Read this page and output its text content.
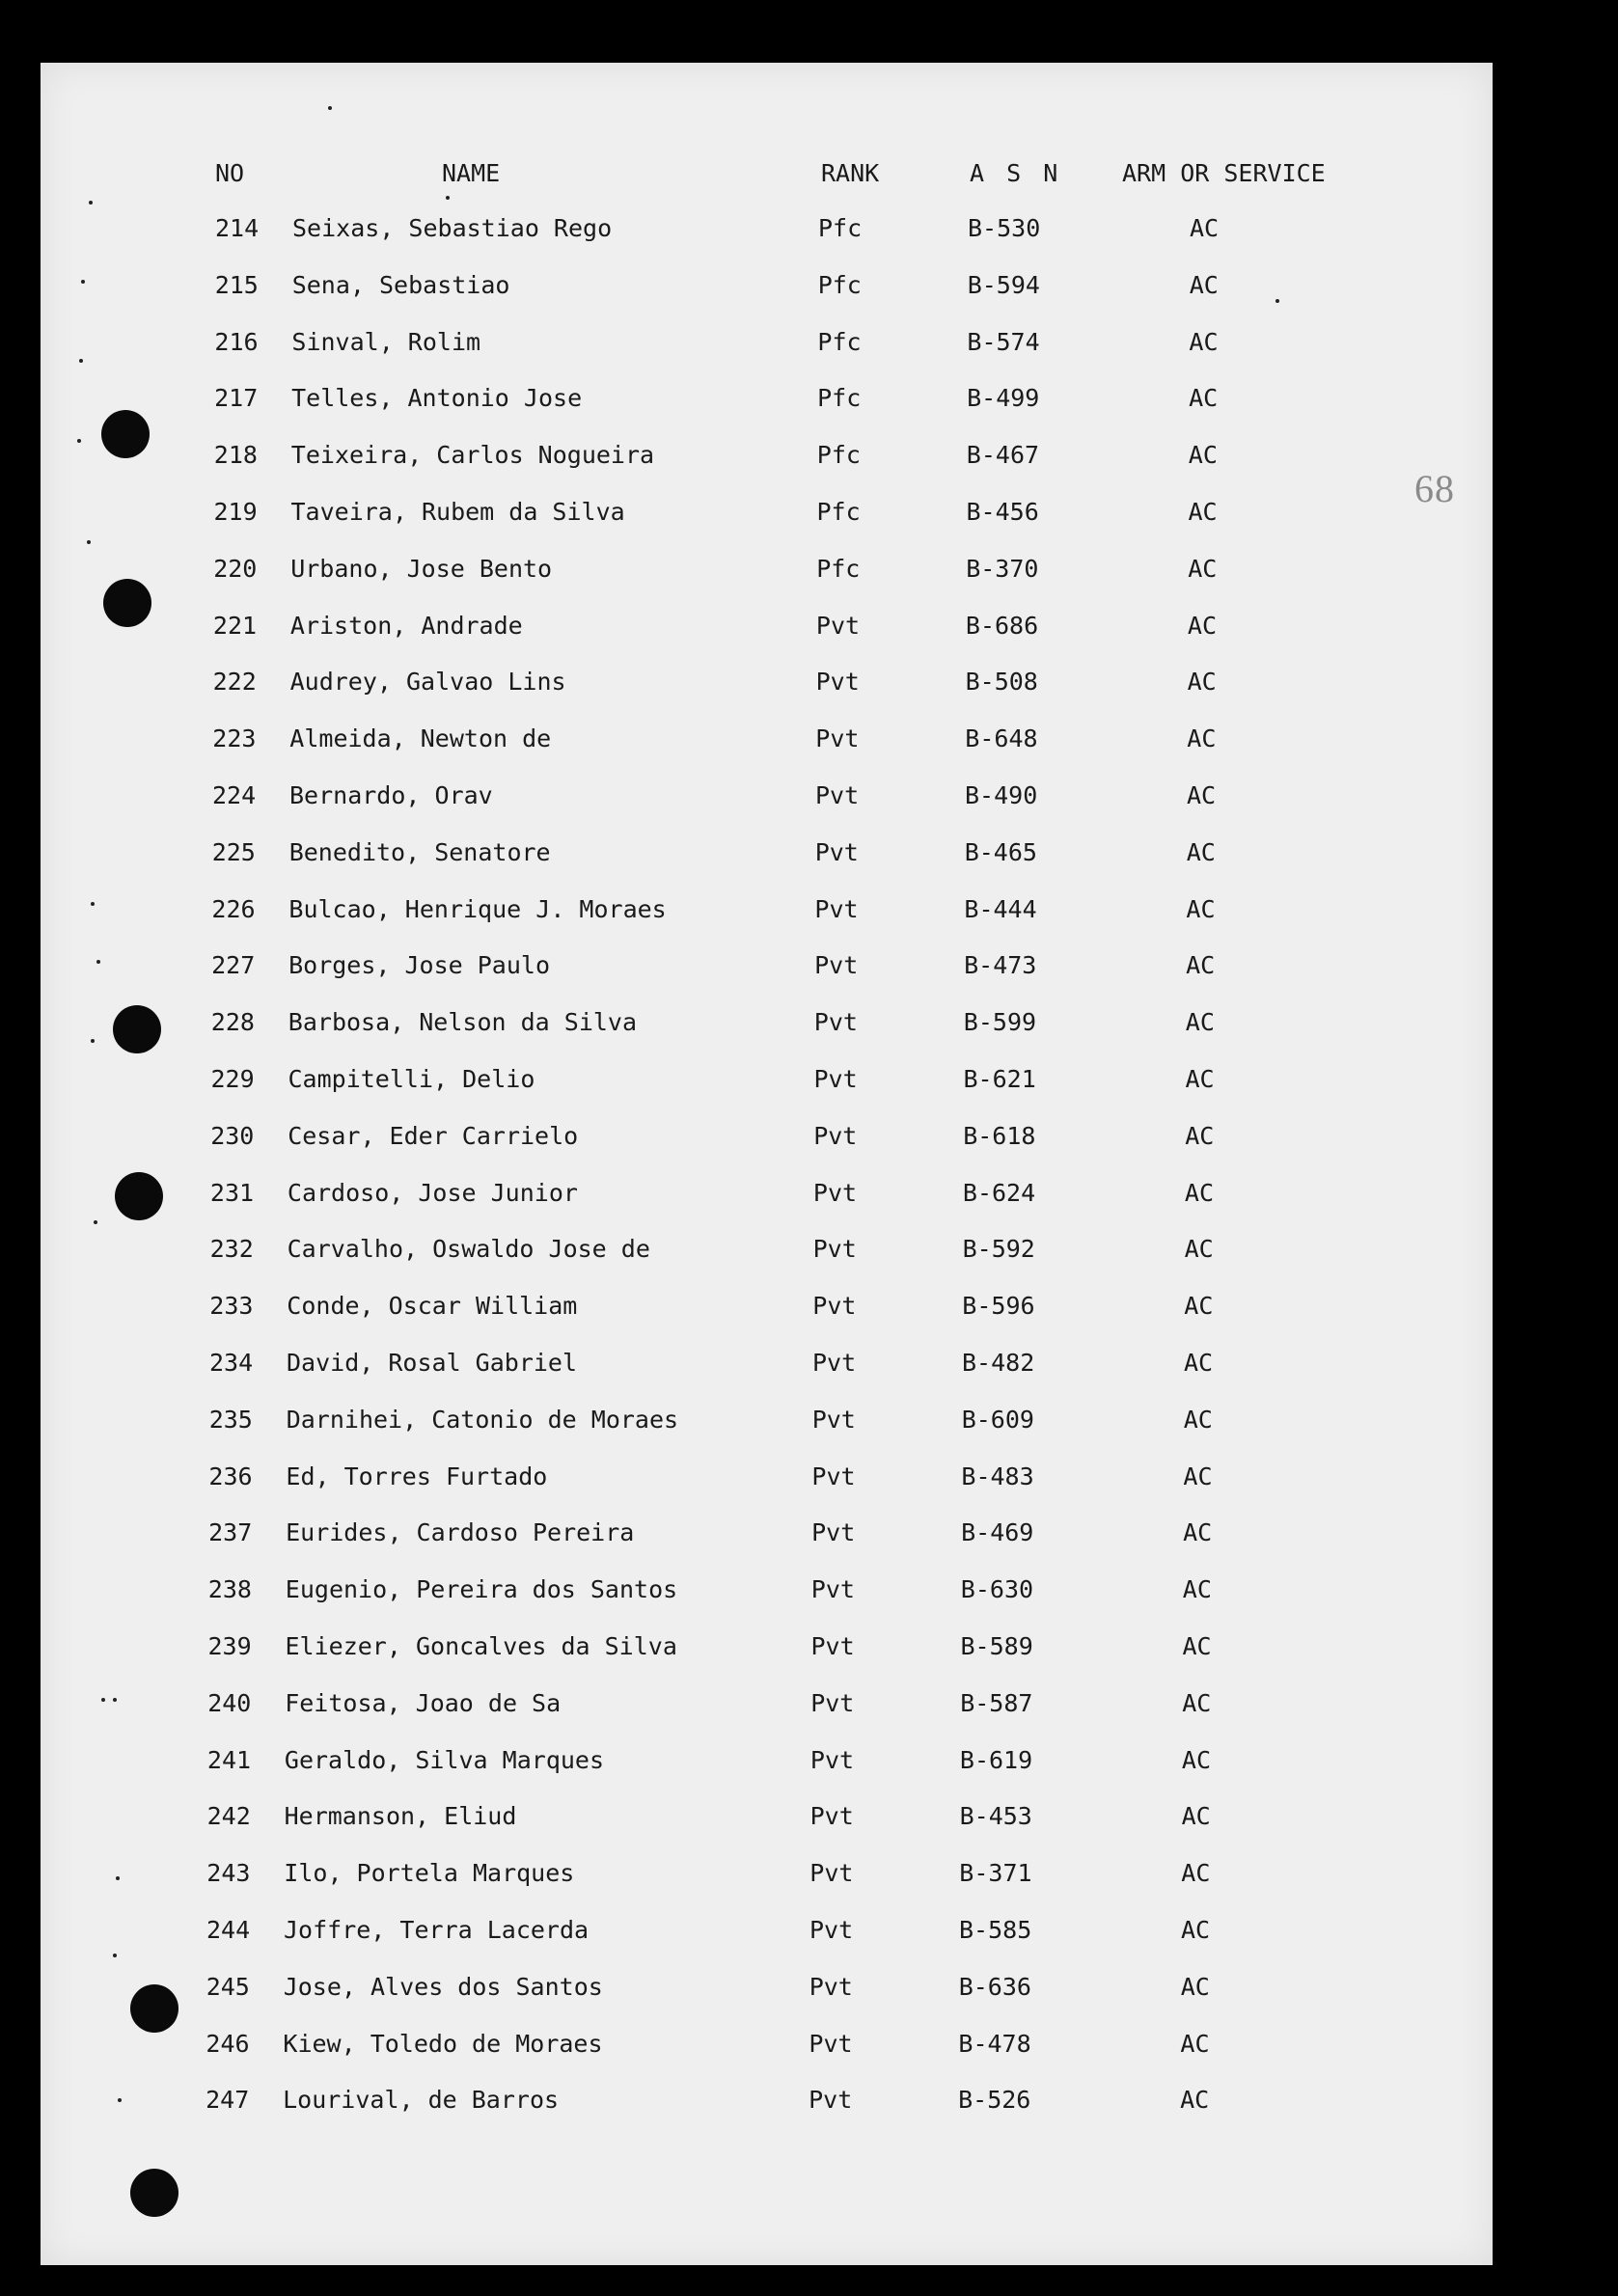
68
NO	NAME	RANK	A S N	ARM OR SERVICE
214 Seixas, Sebastiao Rego	Pfc	B-530	AC
215 Sena, Sebastiao	Pfc	B-594	AC
216 Sinval, Rolim	Pfc	B-574	AC
217 Telles, Antonio Jose	Pfc	B-499	AC
218 Teixeira, Carlos Nogueira	Pfc	B-467	AC
219 Taveira, Rubem da Silva	Pfc	B-456	AC
220 Urbano, Jose Bento	Pfc	B-370	AC
221 Ariston, Andrade	Pvt	B-686	AC
222 Audrey, Galvao Lins	Pvt	B-508	AC
223 Almeida, Newton de	Pvt	B-648	AC
224 Bernardo, Orav	Pvt	B-490	AC
225 Benedito, Senatore	Pvt	B-465	AC
226 Bulcao, Henrique J. Moraes	Pvt	B-444	AC
227 Borges, Jose Paulo	Pvt	B-473	AC
228 Barbosa, Nelson da Silva	Pvt	B-599	AC
229 Campitelli, Delio	Pvt	B-621	AC
230 Cesar, Eder Carrielo	Pvt	B-618	AC
231 Cardoso, Jose Junior	Pvt	B-624	AC
232 Carvalho, Oswaldo Jose de	Pvt	B-592	AC
233 Conde, Oscar William	Pvt	B-596	AC
234 David, Rosal Gabriel	Pvt	B-482	AC
235 Darnihei, Catonio de Moraes	Pvt	B-609	AC
236 Ed, Torres Furtado	Pvt	B-483	AC
237 Eurides, Cardoso Pereira	Pvt	B-469	AC
238 Eugenio, Pereira dos Santos	Pvt	B-630	AC
239 Eliezer, Goncalves da Silva	Pvt	B-589	AC
240 Feitosa, Joao de Sa	Pvt	B-587	AC
241 Geraldo, Silva Marques	Pvt	B-619	AC
242 Hermanson, Eliud	Pvt	B-453	AC
243 Ilo, Portela Marques	Pvt	B-371	AC
244 Joffre, Terra Lacerda	Pvt	B-585	AC
245 Jose, Alves dos Santos	Pvt	B-636	AC
246 Kiew, Toledo de Moraes	Pvt	B-478	AC
247 Lourival, de Barros	Pvt	B-526	AC
